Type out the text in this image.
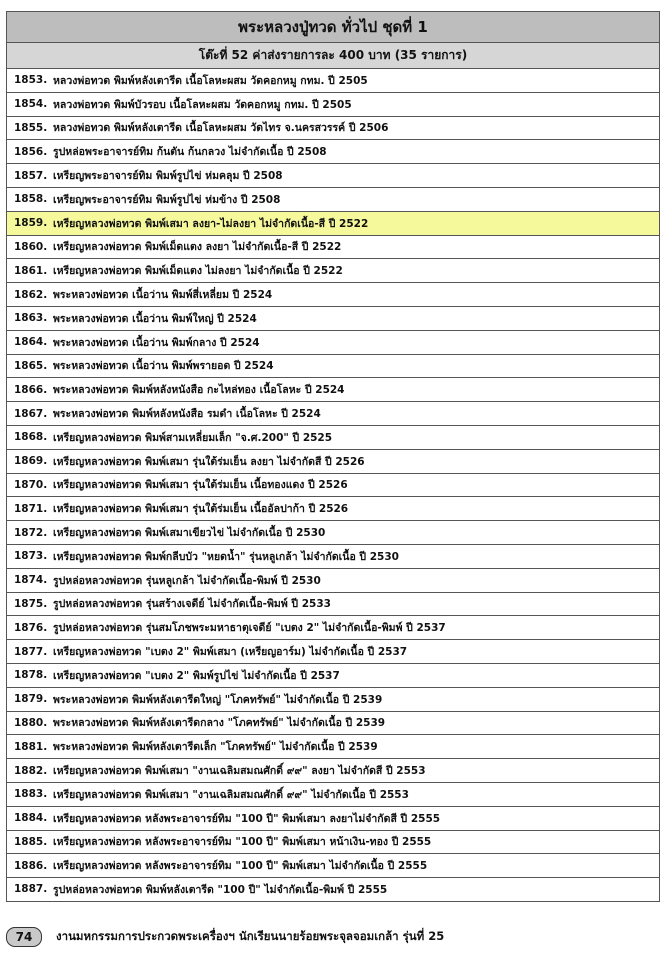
พระหลวงปู่ทวด ทั่วไป ชุดที่ 1
โต๊ะที่ 52 ค่าส่งรายการละ 400 บาท (35 รายการ)
1853. หลวงพ่อทวด พิมพ์หลังเตารีด เนื้อโลหะผสม วัดคอกหมู กทม. ปี 2505
1854. หลวงพ่อทวด พิมพ์บัวรอบ เนื้อโลหะผสม วัดคอกหมู กทม. ปี 2505
1855. หลวงพ่อทวด พิมพ์หลังเตารีด เนื้อโลหะผสม วัดไทร จ.นครสวรรค์ ปี 2506
1856. รูปหล่อพระอาจารย์ทิม ก้นตัน ก้นกลวง ไม่จำกัดเนื้อ ปี 2508
1857. เหรียญพระอาจารย์ทิม พิมพ์รูปไข่ ห่มคลุม ปี 2508
1858. เหรียญพระอาจารย์ทิม พิมพ์รูปไข่ ห่มข้าง ปี 2508
1859. เหรียญหลวงพ่อทวด พิมพ์เสมา ลงยา-ไม่ลงยา ไม่จำกัดเนื้อ-สี ปี 2522
1860. เหรียญหลวงพ่อทวด พิมพ์เม็ดแตง ลงยา ไม่จำกัดเนื้อ-สี ปี 2522
1861. เหรียญหลวงพ่อทวด พิมพ์เม็ดแตง ไม่ลงยา ไม่จำกัดเนื้อ ปี 2522
1862. พระหลวงพ่อทวด เนื้อว่าน พิมพ์สี่เหลี่ยม ปี 2524
1863. พระหลวงพ่อทวด เนื้อว่าน พิมพ์ใหญ่ ปี 2524
1864. พระหลวงพ่อทวด เนื้อว่าน พิมพ์กลาง ปี 2524
1865. พระหลวงพ่อทวด เนื้อว่าน พิมพ์พรายอด ปี 2524
1866. พระหลวงพ่อทวด พิมพ์หลังหนังสือ กะไหล่ทอง เนื้อโลหะ ปี 2524
1867. พระหลวงพ่อทวด พิมพ์หลังหนังสือ รมดำ เนื้อโลหะ ปี 2524
1868. เหรียญหลวงพ่อทวด พิมพ์สามเหลี่ยมเล็ก "จ.ศ.200" ปี 2525
1869. เหรียญหลวงพ่อทวด พิมพ์เสมา รุ่นใต้ร่มเย็น ลงยา ไม่จำกัดสี ปี 2526
1870. เหรียญหลวงพ่อทวด พิมพ์เสมา รุ่นใต้ร่มเย็น เนื้อทองแดง ปี 2526
1871. เหรียญหลวงพ่อทวด พิมพ์เสมา รุ่นใต้ร่มเย็น เนื้ออัลปาก้า ปี 2526
1872. เหรียญหลวงพ่อทวด พิมพ์เสมาเขียวไข่ ไม่จำกัดเนื้อ ปี 2530
1873. เหรียญหลวงพ่อทวด พิมพ์กลีบบัว "หยดน้ำ" รุ่นหลูเกล้า ไม่จำกัดเนื้อ ปี 2530
1874. รูปหล่อหลวงพ่อทวด รุ่นหลูเกล้า ไม่จำกัดเนื้อ-พิมพ์ ปี 2530
1875. รูปหล่อหลวงพ่อทวด รุ่นสร้างเจดีย์ ไม่จำกัดเนื้อ-พิมพ์ ปี 2533
1876. รูปหล่อหลวงพ่อทวด รุ่นสมโภชพระมหาธาตุเจดีย์ "เบตง 2" ไม่จำกัดเนื้อ-พิมพ์ ปี 2537
1877. เหรียญหลวงพ่อทวด "เบตง 2" พิมพ์เสมา (เหรียญอาร์ม) ไม่จำกัดเนื้อ ปี 2537
1878. เหรียญหลวงพ่อทวด "เบตง 2" พิมพ์รูปไข่ ไม่จำกัดเนื้อ ปี 2537
1879. พระหลวงพ่อทวด พิมพ์หลังเตารีดใหญ่ "โภคทรัพย์" ไม่จำกัดเนื้อ ปี 2539
1880. พระหลวงพ่อทวด พิมพ์หลังเตารีดกลาง "โภคทรัพย์" ไม่จำกัดเนื้อ ปี 2539
1881. พระหลวงพ่อทวด พิมพ์หลังเตารีดเล็ก "โภคทรัพย์" ไม่จำกัดเนื้อ ปี 2539
1882. เหรียญหลวงพ่อทวด พิมพ์เสมา "งานเฉลิมสมณศักดิ์ ๙๙" ลงยา ไม่จำกัดสี ปี 2553
1883. เหรียญหลวงพ่อทวด พิมพ์เสมา "งานเฉลิมสมณศักดิ์ ๙๙" ไม่จำกัดเนื้อ ปี 2553
1884. เหรียญหลวงพ่อทวด หลังพระอาจารย์ทิม "100 ปี" พิมพ์เสมา ลงยาไม่จำกัดสี ปี 2555
1885. เหรียญหลวงพ่อทวด หลังพระอาจารย์ทิม "100 ปี" พิมพ์เสมา หน้าเงิน-ทอง ปี 2555
1886. เหรียญหลวงพ่อทวด หลังพระอาจารย์ทิม "100 ปี" พิมพ์เสมา ไม่จำกัดเนื้อ ปี 2555
1887. รูปหล่อหลวงพ่อทวด พิมพ์หลังเตารีด "100 ปี" ไม่จำกัดเนื้อ-พิมพ์ ปี 2555
74	งานมหกรรมการประกวดพระเครื่องฯ นักเรียนนายร้อยพระจุลจอมเกล้า รุ่นที่ 25
